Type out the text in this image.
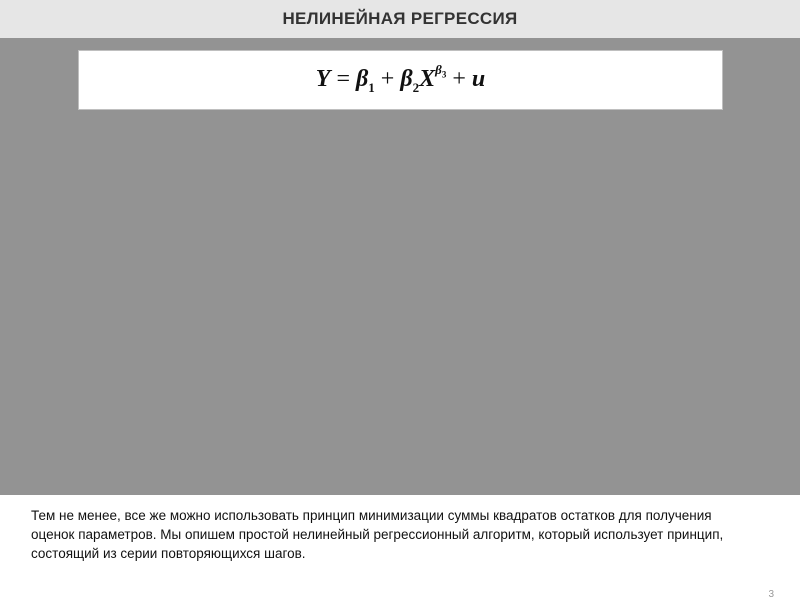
НЕЛИНЕЙНАЯ РЕГРЕССИЯ
$Y = \beta_1 + \beta_2X^{\beta_3} + u$
Тем не менее, все же можно использовать принцип минимизации суммы квадратов остатков для получения оценок параметров. Мы опишем простой нелинейный регрессионный алгоритм, который использует принцип, состоящий из серии повторяющихся шагов.
3
